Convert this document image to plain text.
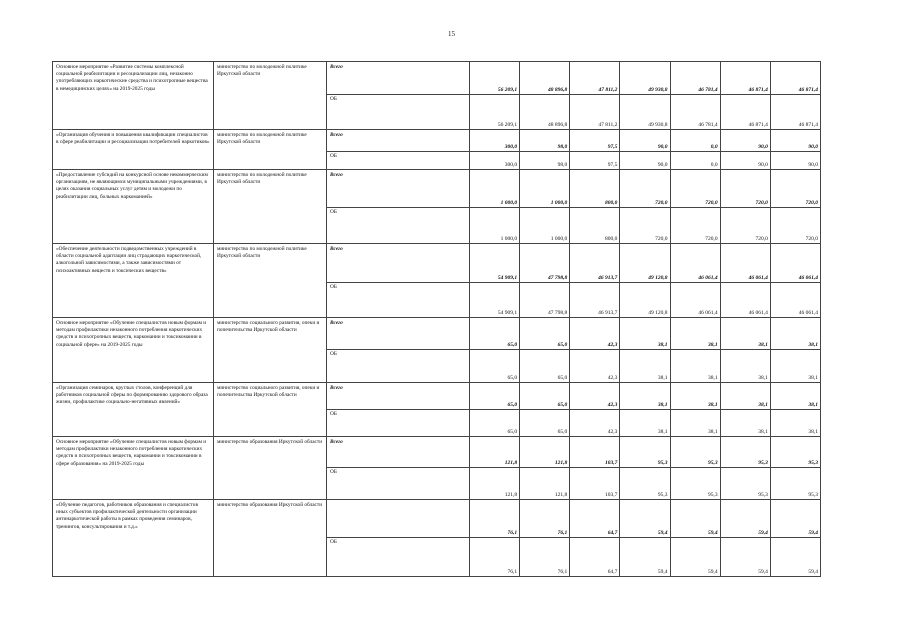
15
Основное мероприятие «Развитие системы комплексной социальной реабилитации и ресоциализации лиц, незаконно употребляющих наркотические средства и психотропные вещества в немедицинских целях» на 2019-2025 годы
министерство по молодежной политике Иркутской области
Всего
ОБ
56 209,1
56 209,1
48 896,8
48 896,8
47 811,2
47 811,2
49 930,8
49 930,8
46 781,4
46 781,4
46 871,4
46 871,4
46 871,4
46 871,4
«Организация обучения и повышения квалификации специалистов в сфере реабилитации и ресоциализации потребителей наркотиков»
министерство по молодежной политике Иркутской области
Всего
ОБ
300,0
300,0
98,0
98,0
97,5
97,5
90,0
90,0
0,0
0,0
90,0
90,0
90,0
90,0
«Предоставление субсидий на конкурсной основе некоммерческим организациям, не являющимся муниципальными учреждениями, в целях оказания социальных услуг детям и молодежи по реабилитации лиц, больных наркоманией»
министерство по молодежной политике Иркутской области
Всего
ОБ
1 000,0
1 000,0
1 000,0
1 000,0
800,0
800,0
720,0
720,0
720,0
720,0
720,0
720,0
720,0
720,0
«Обеспечение деятельности подведомственных учреждений в области социальной адаптации лиц страдающих наркотической, алкогольной зависимостями, а также зависимостями от психоактивных веществ и токсических веществ»
министерство по молодежной политике Иркутской области
Всего
ОБ
54 909,1
54 909,1
47 798,8
47 798,8
46 913,7
46 913,7
49 120,8
49 120,8
46 061,4
46 061,4
46 061,4
46 061,4
46 061,4
46 061,4
Основное мероприятие «Обучение специалистов новым формам и методам профилактики незаконного потребления наркотических средств и психотропных веществ, наркомании и токсикомании в социальной сфере» на 2019-2025 годы
министерство социального развития, опеки и попечительства Иркутской области
Всего
ОБ
65,0
65,0
65,0
65,0
42,3
42,3
38,1
38,1
38,1
38,1
38,1
38,1
38,1
38,1
«Организация семинаров, круглых столов, конференций для работников социальной сферы по формированию здорового образа жизни, профилактике социально-негативных явлений»
министерство социального развития, опеки и попечительства Иркутской области
Всего
ОБ
65,0
65,0
65,0
65,0
42,3
42,3
38,1
38,1
38,1
38,1
38,1
38,1
38,1
38,1
Основное мероприятие «Обучение специалистов новым формам и методам профилактики незаконного потребления наркотических средств и психотропных веществ, наркомании и токсикомании в сфере образования» на 2019-2025 годы
министерство образования Иркутской области	Всего
ОБ
121,8
121,8
121,8
121,8
103,7
103,7
95,3
95,3
95,3
95,3
95,3
95,3
95,3
95,3
«Обучение педагогов, работников образования и специалистов иных субъектов профилактической деятельности организации антинаркотической работы в рамках проведения семинаров, тренингов, консультирования и т.д.»
министерство образования Иркутской области
ОБ
76,1
76,1
76,1
76,1
64,7
64,7
59,4
59,4
59,4
59,4
59,4
59,4
59,4
59,4
